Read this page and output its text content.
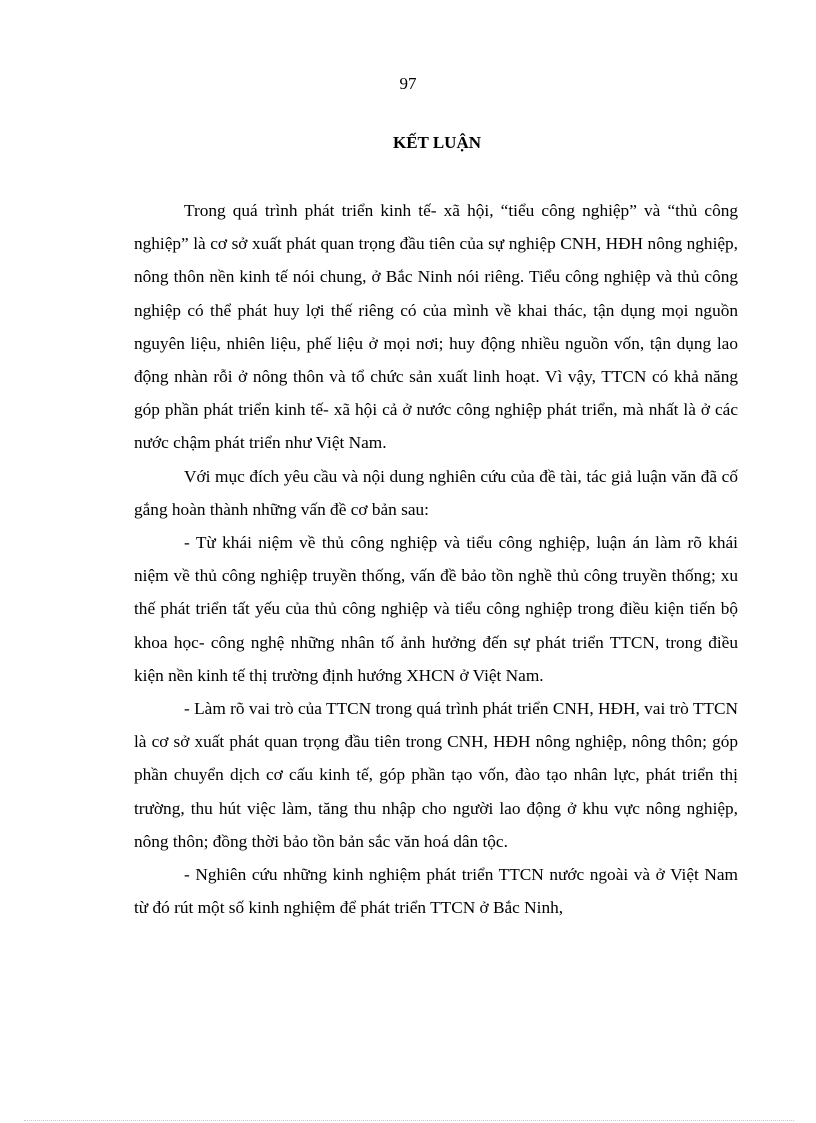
97
KẾT LUẬN

Trong quá trình phát triển kinh tế- xã hội, “tiểu công nghiệp” và “thủ công nghiệp” là cơ sở xuất phát quan trọng đầu tiên của sự nghiệp CNH, HĐH nông nghiệp, nông thôn nền kinh tế nói chung, ở Bắc Ninh nói riêng. Tiểu công nghiệp và thủ công nghiệp có thể phát huy lợi thế riêng có của mình về khai thác, tận dụng mọi nguồn nguyên liệu, nhiên liệu, phế liệu ở mọi nơi; huy động nhiều nguồn vốn, tận dụng lao động nhàn rỗi ở nông thôn và tổ chức sản xuất linh hoạt. Vì vậy, TTCN có khả năng góp phần phát triển kinh tế- xã hội cả ở nước công nghiệp phát triển, mà nhất là ở các nước chậm phát triển như Việt Nam.

Với mục đích yêu cầu và nội dung nghiên cứu của đề tài, tác giả luận văn đã cố gắng hoàn thành những vấn đề cơ bản sau:

- Từ khái niệm về thủ công nghiệp và tiểu công nghiệp, luận án làm rõ khái niệm về thủ công nghiệp truyền thống, vấn đề bảo tồn nghề thủ công truyền thống; xu thế phát triển tất yếu của thủ công nghiệp và tiểu công nghiệp trong điều kiện tiến bộ khoa học- công nghệ những nhân tố ảnh hưởng đến sự phát triển TTCN, trong điều kiện nền kinh tế thị trường định hướng XHCN ở Việt Nam.

- Làm rõ vai trò của TTCN trong quá trình phát triển CNH, HĐH, vai trò TTCN là cơ sở xuất phát quan trọng đầu tiên trong CNH, HĐH nông nghiệp, nông thôn; góp phần chuyển dịch cơ cấu kinh tế, góp phần tạo vốn, đào tạo nhân lực, phát triển thị trường, thu hút việc làm, tăng thu nhập cho người lao động ở khu vực nông nghiệp, nông thôn; đồng thời bảo tồn bản sắc văn hoá dân tộc.

- Nghiên cứu những kinh nghiệm phát triển TTCN nước ngoài và ở Việt Nam từ đó rút một số kinh nghiệm để phát triển TTCN ở Bắc Ninh,
